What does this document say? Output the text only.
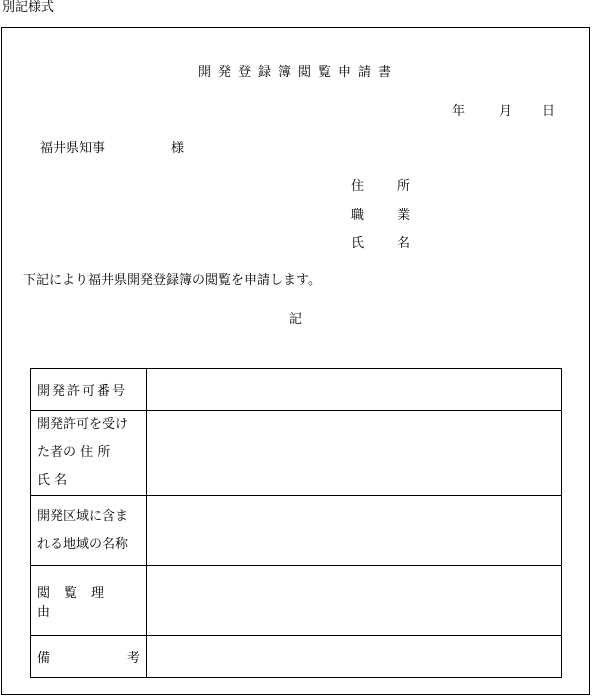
別記様式
開発登録簿閲覧申請書
年	月 日
福井県知事	様
住	所
職	業
氏	名
下記により福井県開発登録簿の閲覧を申請します。
記
開発許可番号	

開発許可を受け
た者の 住 所
氏 名	

開発区域に含ま
れる地域の名称	

閲覧理由	

備 考	
